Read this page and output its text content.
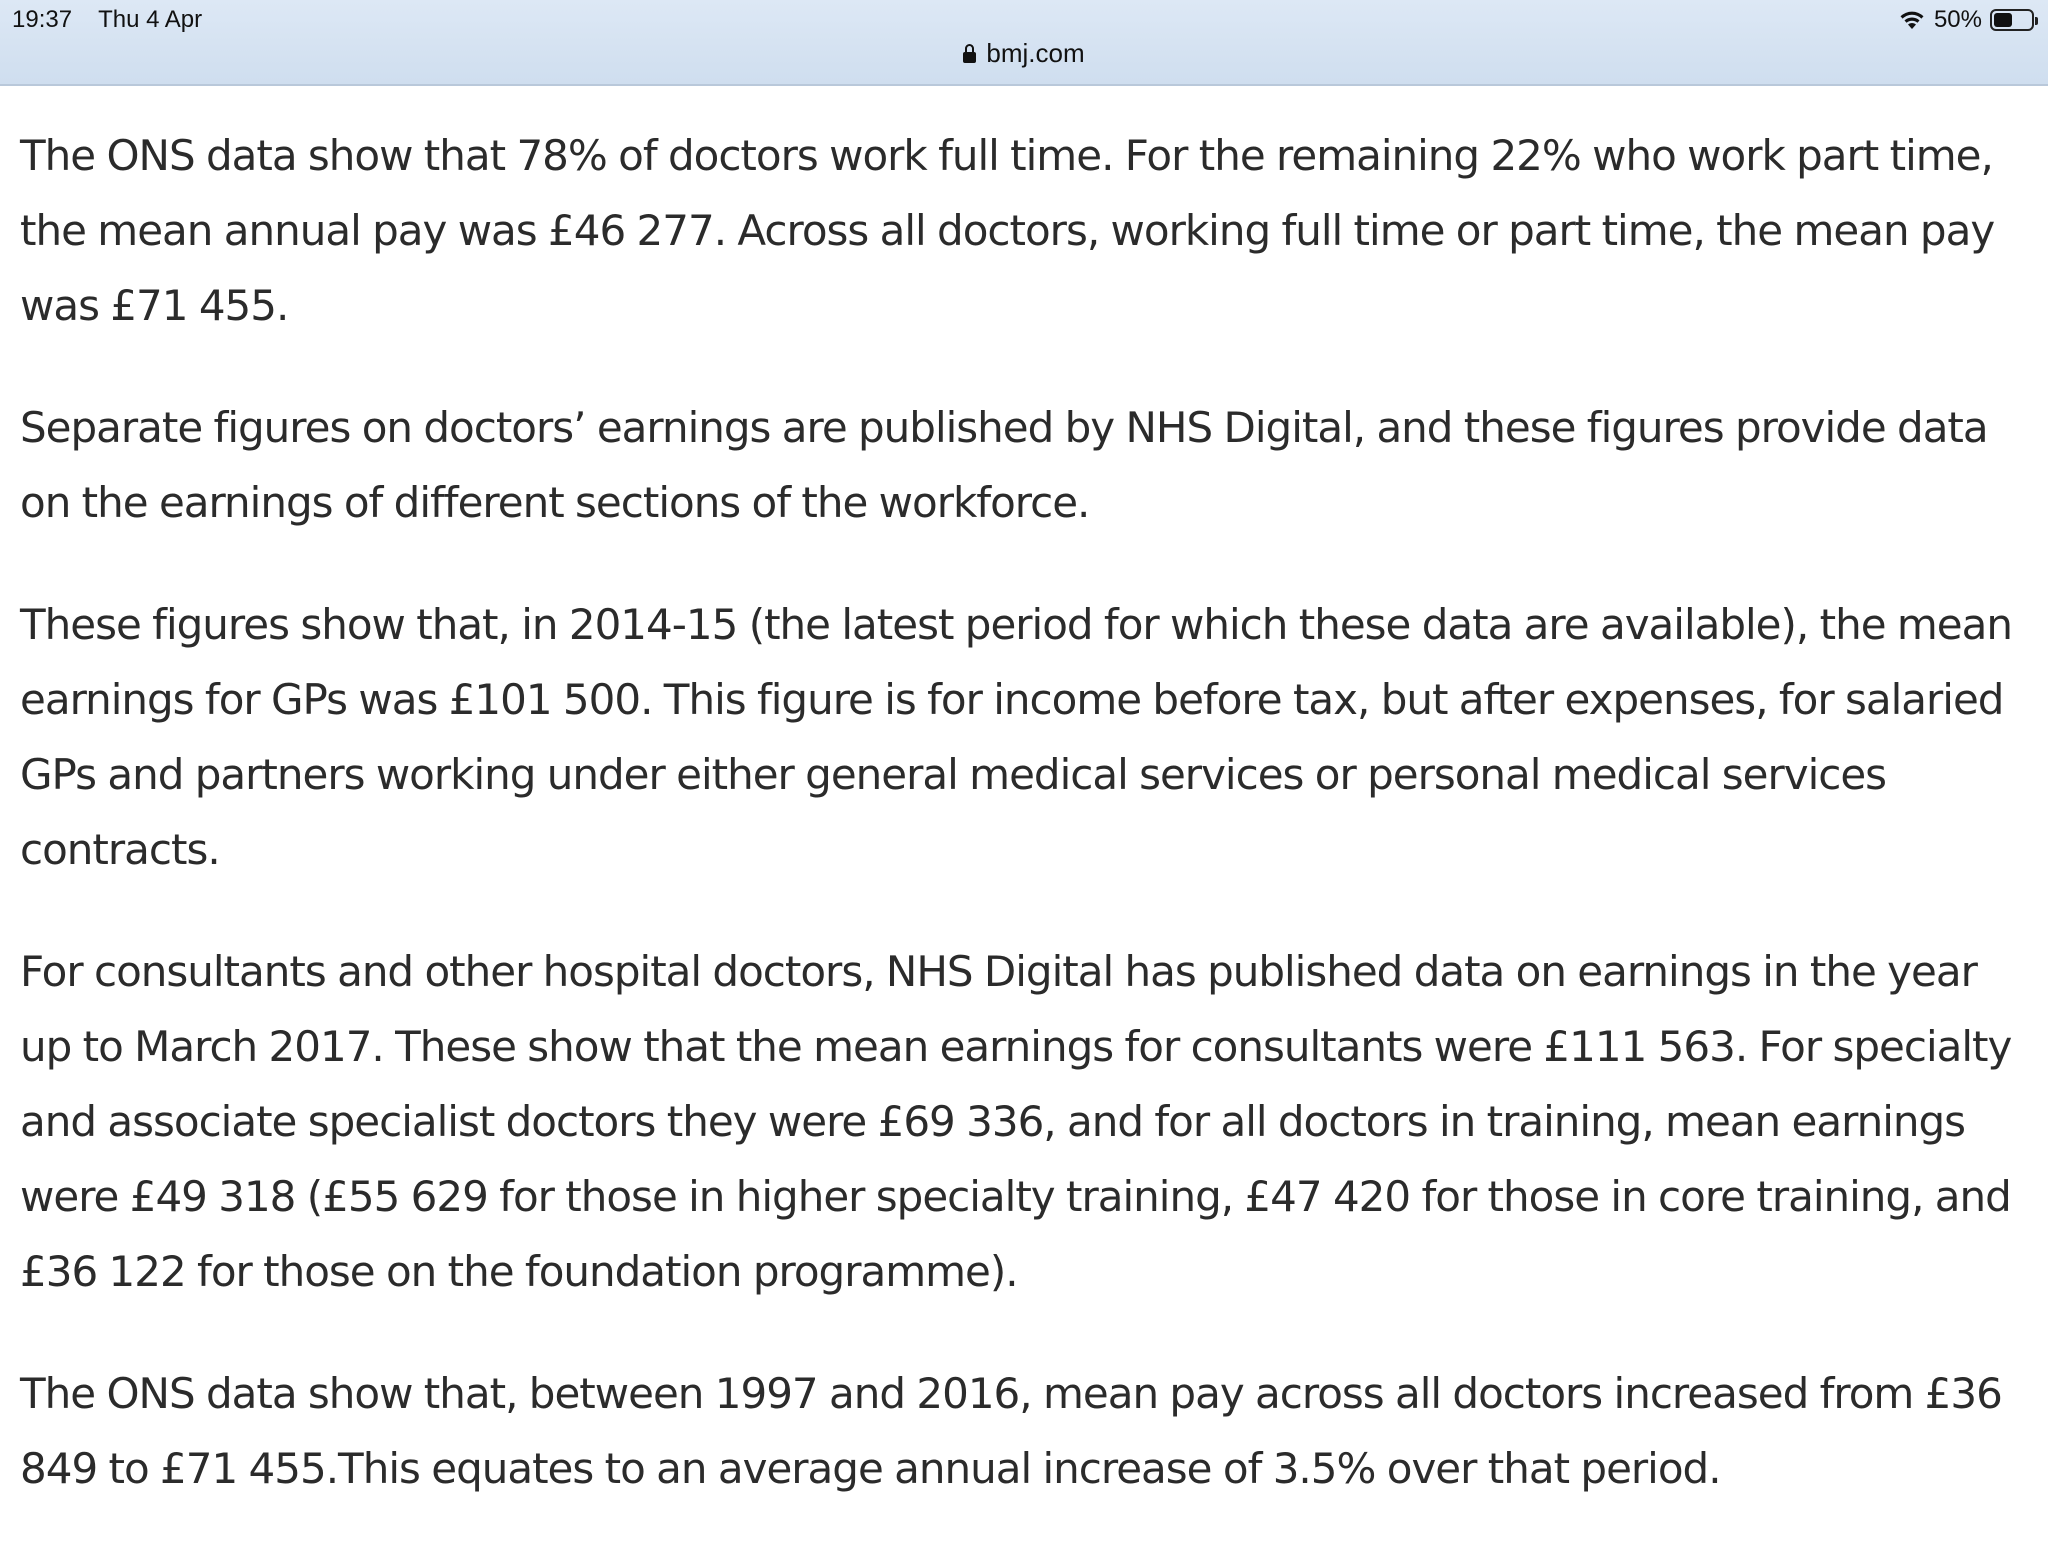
19:37 Thu 4 Apr	50%
bmj.com

The ONS data show that 78% of doctors work full time. For the remaining 22% who work part time, the mean annual pay was £46 277. Across all doctors, working full time or part time, the mean pay was £71 455.

Separate figures on doctors’ earnings are published by NHS Digital, and these figures provide data on the earnings of different sections of the workforce.

These figures show that, in 2014-15 (the latest period for which these data are available), the mean earnings for GPs was £101 500. This figure is for income before tax, but after expenses, for salaried GPs and partners working under either general medical services or personal medical services contracts.

For consultants and other hospital doctors, NHS Digital has published data on earnings in the year up to March 2017. These show that the mean earnings for consultants were £111 563. For specialty and associate specialist doctors they were £69 336, and for all doctors in training, mean earnings were £49 318 (£55 629 for those in higher specialty training, £47 420 for those in core training, and £36 122 for those on the foundation programme).

The ONS data show that, between 1997 and 2016, mean pay across all doctors increased from £36 849 to £71 455.This equates to an average annual increase of 3.5% over that period.
